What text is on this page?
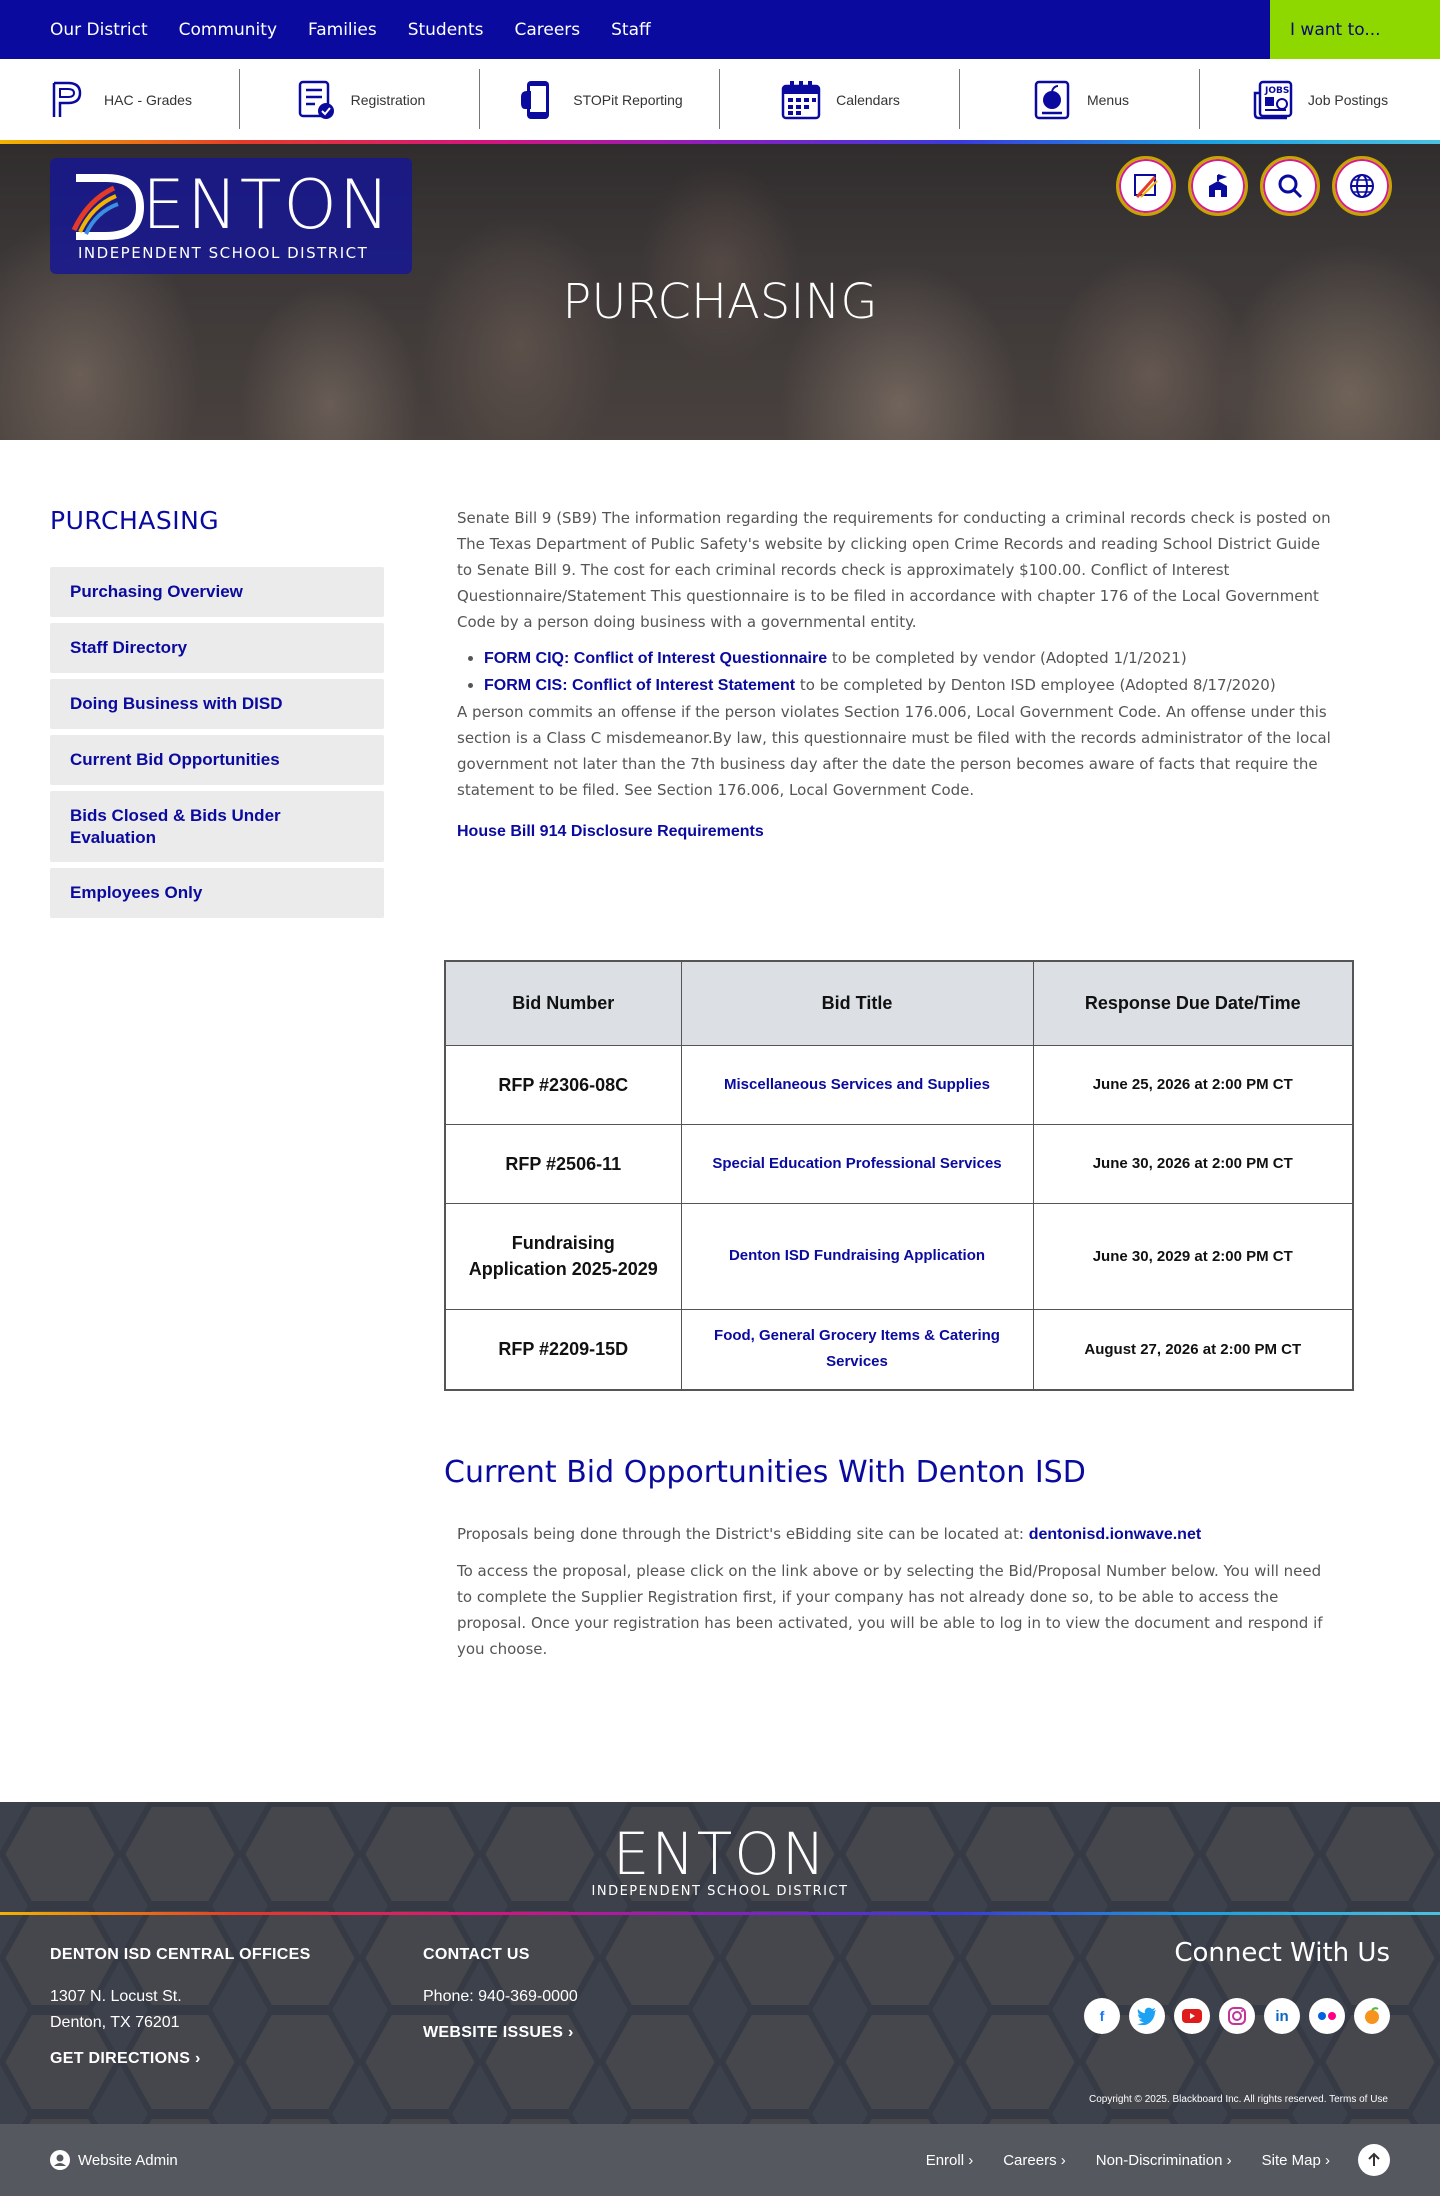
Our District Community Families Students Careers Staff	I want to...
HAC - Grades	Registration	STOPit Reporting	Calendars	Menus
JOBS
Job Postings
ENTON
INDEPENDENT SCHOOL DISTRICT
PURCHASING
PURCHASING
Purchasing Overview
Staff Directory
Doing Business with DISD
Current Bid Opportunities
Bids Closed & Bids Under Evaluation
Employees Only

Senate Bill 9 (SB9) The information regarding the requirements for conducting a criminal records check is posted on The Texas Department of Public Safety's website by clicking open Crime Records and reading School District Guide to Senate Bill 9. The cost for each criminal records check is approximately $100.00. Conflict of Interest Questionnaire/Statement This questionnaire is to be filed in accordance with chapter 176 of the Local Government Code by a person doing business with a governmental entity.

• FORM CIQ: Conflict of Interest Questionnaire to be completed by vendor (Adopted 1/1/2021)
• FORM CIS: Conflict of Interest Statement to be completed by Denton ISD employee (Adopted 8/17/2020)

A person commits an offense if the person violates Section 176.006, Local Government Code. An offense under this section is a Class C misdemeanor.By law, this questionnaire must be filed with the records administrator of the local government not later than the 7th business day after the date the person becomes aware of facts that require the statement to be filed. See Section 176.006, Local Government Code.

House Bill 914 Disclosure Requirements
Bid Number	Bid Title	Response Due Date/Time
RFP #2306-08C	Miscellaneous Services and Supplies	June 25, 2026 at 2:00 PM CT
RFP #2506-11	Special Education Professional Services	June 30, 2026 at 2:00 PM CT
Fundraising Application 2025-2029	Denton ISD Fundraising Application	June 30, 2029 at 2:00 PM CT
RFP #2209-15D	Food, General Grocery Items & Catering Services	August 27, 2026 at 2:00 PM CT
Current Bid Opportunities With Denton ISD

Proposals being done through the District's eBidding site can be located at: dentonisd.ionwave.net

To access the proposal, please click on the link above or by selecting the Bid/Proposal Number below. You will need to complete the Supplier Registration first, if your company has not already done so, to be able to access the proposal. Once your registration has been activated, you will be able to log in to view the document and respond if you choose.

ENTON
INDEPENDENT SCHOOL DISTRICT
DENTON ISD CENTRAL OFFICES
1307 N. Locust St.
Denton, TX 76201
GET DIRECTIONS ›
CONTACT US
Phone: 940-369-0000
WEBSITE ISSUES ›
Connect With Us
f	in
Copyright © 2025. Blackboard Inc. All rights reserved. Terms of Use
Website Admin	Enroll › Careers › Non-Discrimination › Site Map ›
